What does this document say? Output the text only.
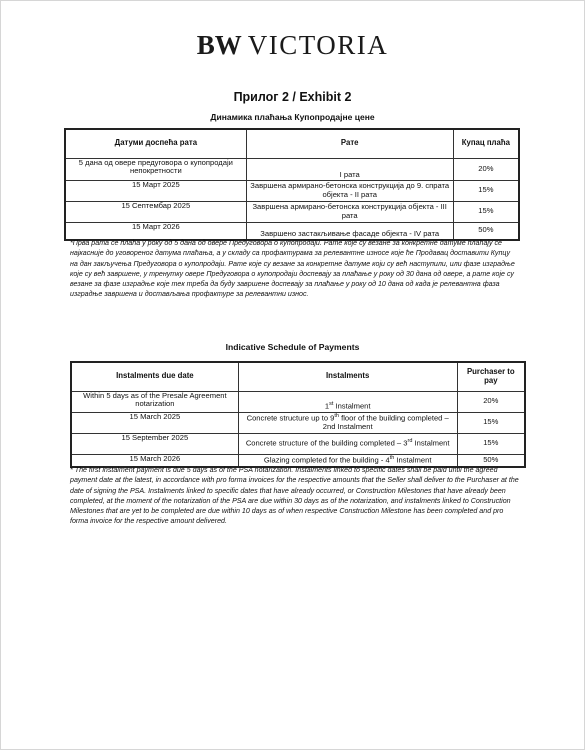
BW VICTORIA
Прилог 2 / Exhibit 2
Динамика плаћања Купопродајне цене
Датуми доспећа рата	Рате	Купац плаћа
5 дана од овере предуговора о купопродаји непокретности	I рата	20%
15 Март 2025	Завршена армирано-бетонска конструкција до 9. спрата објекта - II рата	15%
15 Септембар 2025	Завршена армирано-бетонска конструкција објекта - III рата	15%
15 Март 2026	Завршено застакљивање фасаде објекта - IV рата	50%
*Прва рата се плаћа у року од 5 дана од овере Предуговора о купопродаји. Рате које су везане за конкретне датуме плаћају се најкасније до уговореног датума плаћања, а у складу са профактурама за релевантне износе које ће Продавац доставити Купцу на дан закључења Предуговора о купопродаји. Рате које су везане за конкретне датуме који су већ наступили, или фазе изградње које су већ завршене, у тренутку овере Предуговора о купопродаји доспевају за плаћање у року од 30 дана од овере, а рате које су везане за фазе изградње које тек треба да буду завршене доспевају за плаћање у року од 10 дана од када је релевантна фаза изградње завршена и достављања профактуре за релевантни износ.
Indicative Schedule of Payments
Instalments due date	Instalments	Purchaser to pay
Within 5 days as of the Presale Agreement notarization	1st Instalment	20%
15 March 2025	Concrete structure up to 9th floor of the building completed – 2nd Instalment	15%
15 September 2025	Concrete structure of the building completed – 3rd Instalment	15%
15 March 2026	Glazing completed for the building - 4th Instalment	50%
* The first instalment payment is due 5 days as of the PSA notarization. Instalments linked to specific dates shall be paid until the agreed payment date at the latest, in accordance with pro forma invoices for the respective amounts that the Seller shall deliver to the Purchaser at the date of signing the PSA. Instalments linked to specific dates that have already occurred, or Construction Milestones that have already been completed, at the moment of the notarization of the PSA are due within 30 days as of the notarization, and instalments linked to Construction Milestones that are yet to be completed are due within 10 days as of when respective Construction Milestone has been completed and pro forma invoice for the respective amount delivered.
